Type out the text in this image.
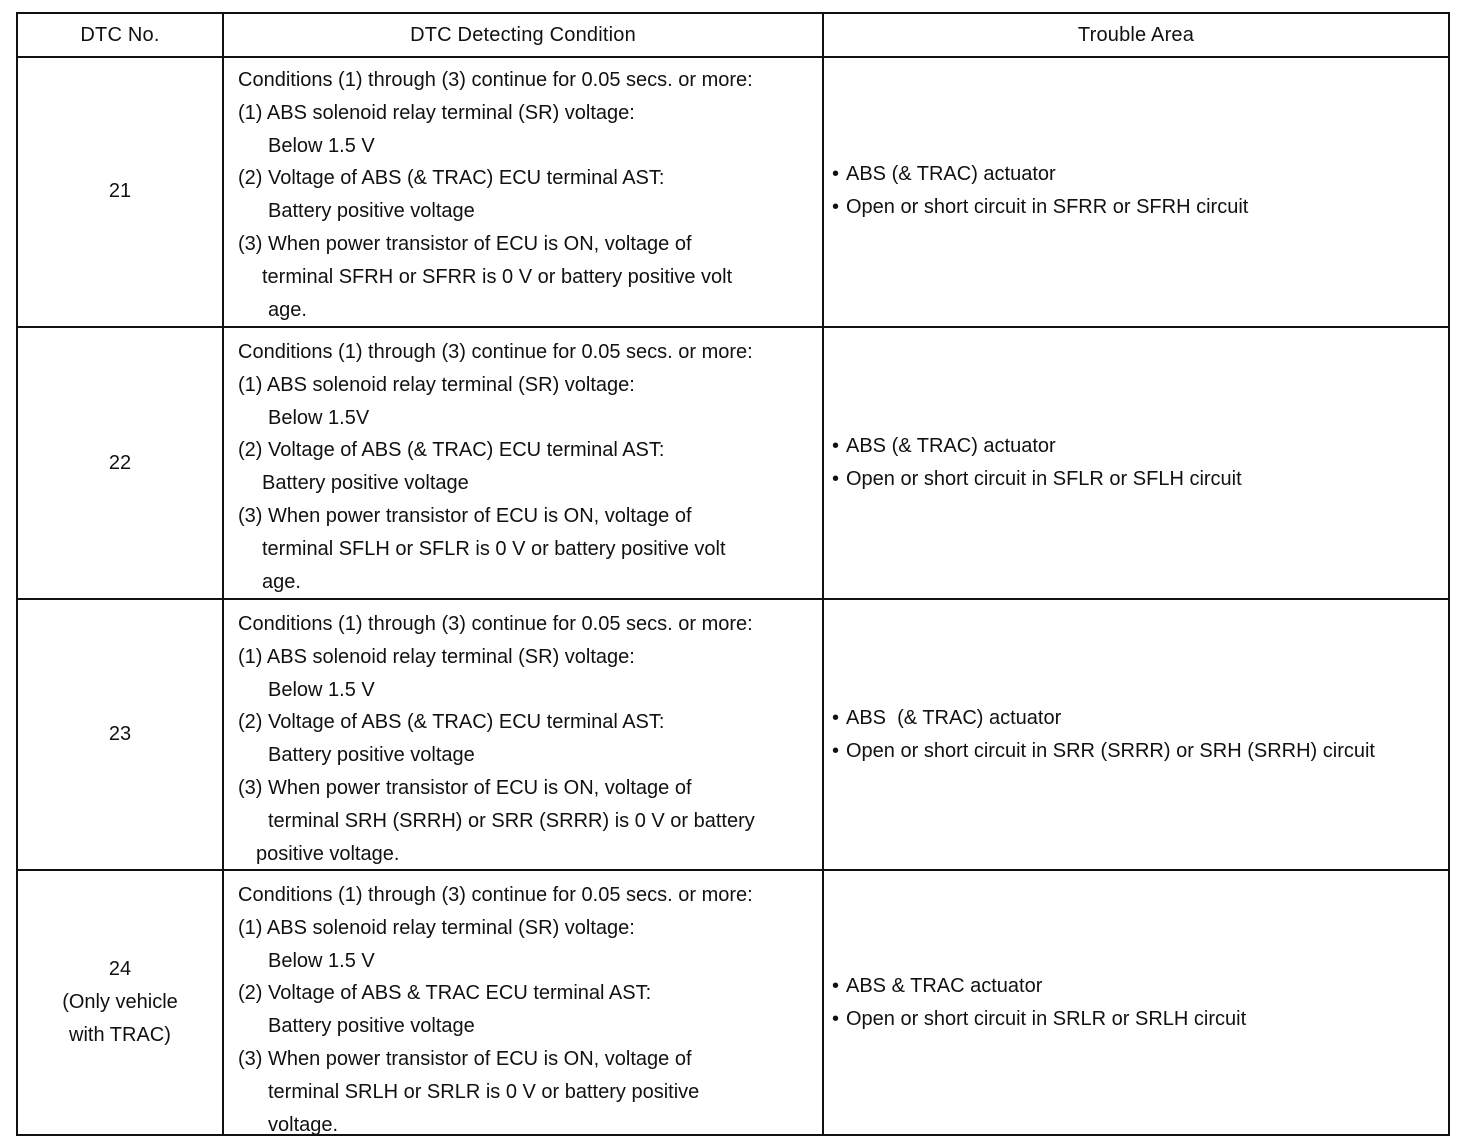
DTC No.	DTC Detecting Condition	Trouble Area
21
Conditions (1) through (3) continue for 0.05 secs. or more:
(1) ABS solenoid relay terminal (SR) voltage:
Below 1.5 V
(2) Voltage of ABS (& TRAC) ECU terminal AST:
Battery positive voltage
(3) When power transistor of ECU is ON, voltage of
terminal SFRH or SFRR is 0 V or battery positive volt
age.
• ABS (& TRAC) actuator
• Open or short circuit in SFRR or SFRH circuit
22
Conditions (1) through (3) continue for 0.05 secs. or more:
(1) ABS solenoid relay terminal (SR) voltage:
Below 1.5V
(2) Voltage of ABS (& TRAC) ECU terminal AST:
Battery positive voltage
(3) When power transistor of ECU is ON, voltage of
terminal SFLH or SFLR is 0 V or battery positive volt
age.
• ABS (& TRAC) actuator
• Open or short circuit in SFLR or SFLH circuit
23
Conditions (1) through (3) continue for 0.05 secs. or more:
(1) ABS solenoid relay terminal (SR) voltage:
Below 1.5 V
(2) Voltage of ABS (& TRAC) ECU terminal AST:
Battery positive voltage
(3) When power transistor of ECU is ON, voltage of
terminal SRH (SRRH) or SRR (SRRR) is 0 V or battery
positive voltage.
• ABS  (& TRAC) actuator
• Open or short circuit in SRR (SRRR) or SRH (SRRH) circuit
24
(Only vehicle
with TRAC)
Conditions (1) through (3) continue for 0.05 secs. or more:
(1) ABS solenoid relay terminal (SR) voltage:
Below 1.5 V
(2) Voltage of ABS & TRAC ECU terminal AST:
Battery positive voltage
(3) When power transistor of ECU is ON, voltage of
terminal SRLH or SRLR is 0 V or battery positive
voltage.
• ABS & TRAC actuator
• Open or short circuit in SRLR or SRLH circuit
